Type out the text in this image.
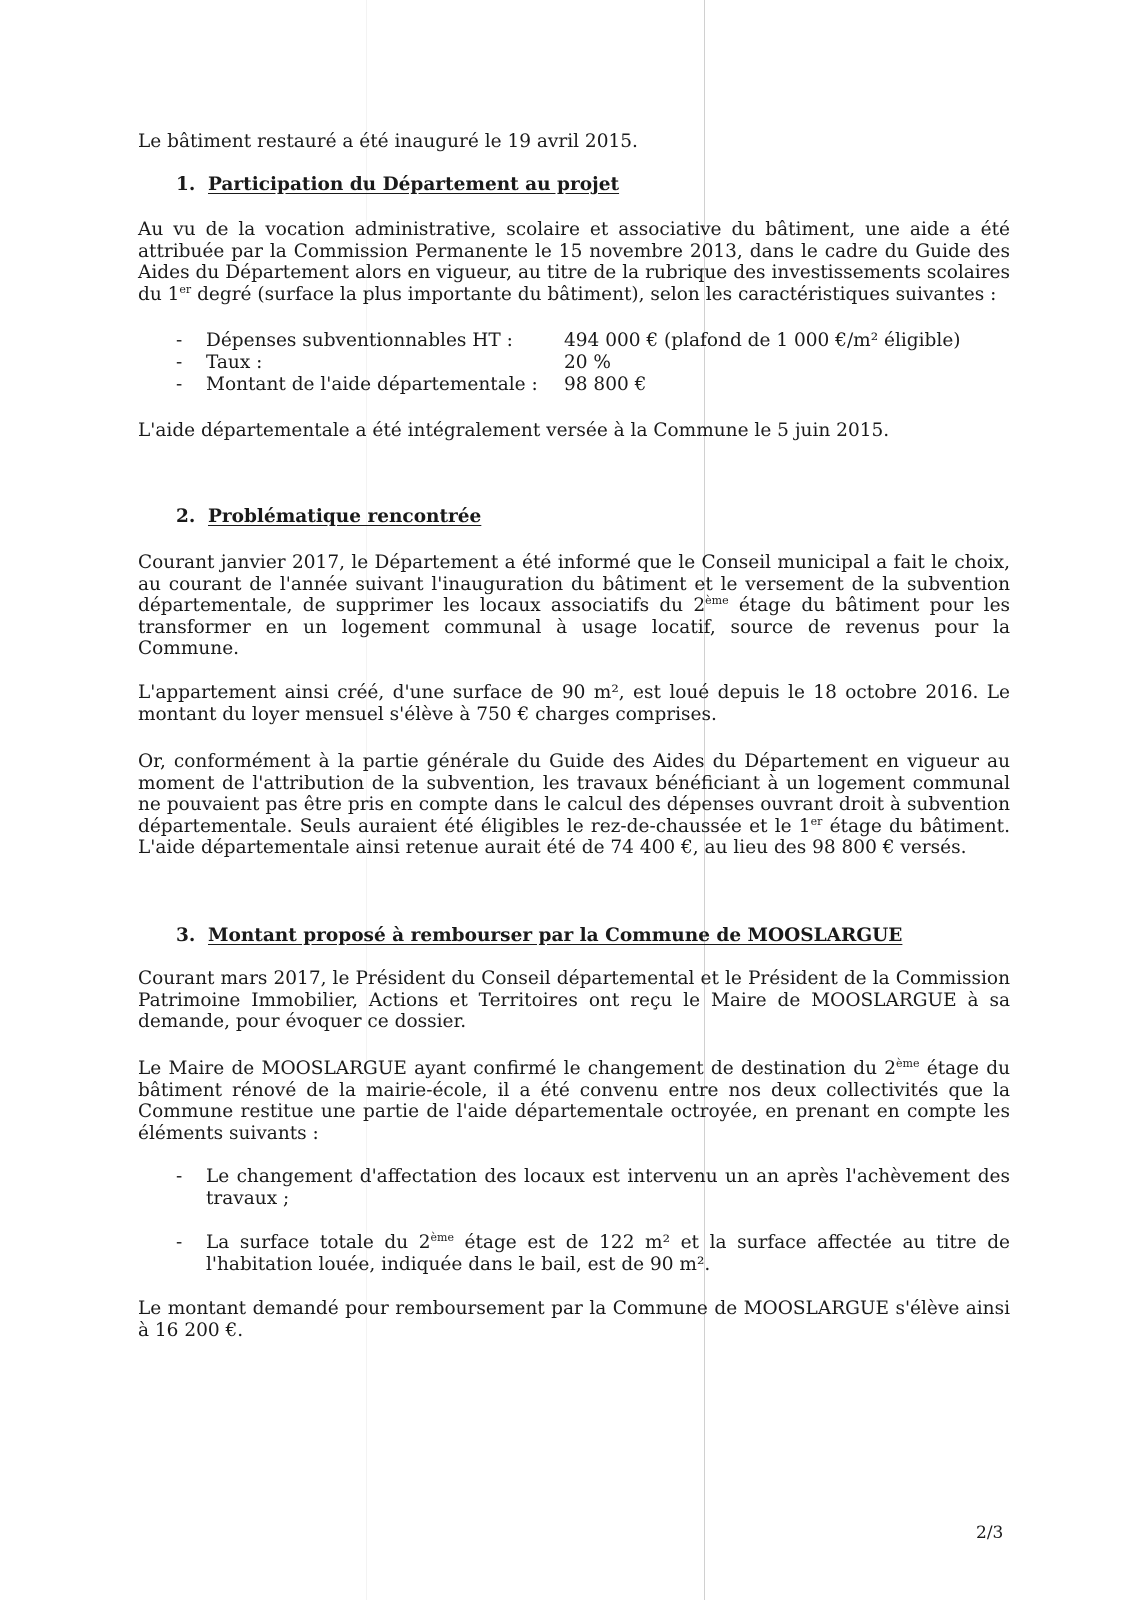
Le bâtiment restauré a été inauguré le 19 avril 2015.

1. Participation du Département au projet

Au vu de la vocation administrative, scolaire et associative du bâtiment, une aide a été attribuée par la Commission Permanente le 15 novembre 2013, dans le cadre du Guide des Aides du Département alors en vigueur, au titre de la rubrique des investissements scolaires du 1er degré (surface la plus importante du bâtiment), selon les caractéristiques suivantes :

- Dépenses subventionnables HT :	494 000 € (plafond de 1 000 €/m² éligible)
- Taux :	20 %
- Montant de l'aide départementale : 98 800 €

L'aide départementale a été intégralement versée à la Commune le 5 juin 2015.

2. Problématique rencontrée

Courant janvier 2017, le Département a été informé que le Conseil municipal a fait le choix, au courant de l'année suivant l'inauguration du bâtiment et le versement de la subvention départementale, de supprimer les locaux associatifs du 2ème étage du bâtiment pour les transformer en un logement communal à usage locatif, source de revenus pour la Commune.

L'appartement ainsi créé, d'une surface de 90 m², est loué depuis le 18 octobre 2016. Le montant du loyer mensuel s'élève à 750 € charges comprises.

Or, conformément à la partie générale du Guide des Aides du Département en vigueur au moment de l'attribution de la subvention, les travaux bénéficiant à un logement communal ne pouvaient pas être pris en compte dans le calcul des dépenses ouvrant droit à subvention départementale. Seuls auraient été éligibles le rez-de-chaussée et le 1er étage du bâtiment. L'aide départementale ainsi retenue aurait été de 74 400 €, au lieu des 98 800 € versés.

3. Montant proposé à rembourser par la Commune de MOOSLARGUE

Courant mars 2017, le Président du Conseil départemental et le Président de la Commission Patrimoine Immobilier, Actions et Territoires ont reçu le Maire de MOOSLARGUE à sa demande, pour évoquer ce dossier.

Le Maire de MOOSLARGUE ayant confirmé le changement de destination du 2ème étage du bâtiment rénové de la mairie-école, il a été convenu entre nos deux collectivités que la Commune restitue une partie de l'aide départementale octroyée, en prenant en compte les éléments suivants :

- Le changement d'affectation des locaux est intervenu un an après l'achèvement des travaux ;

- La surface totale du 2ème étage est de 122 m² et la surface affectée au titre de l'habitation louée, indiquée dans le bail, est de 90 m².

Le montant demandé pour remboursement par la Commune de MOOSLARGUE s'élève ainsi à 16 200 €.

2/3
